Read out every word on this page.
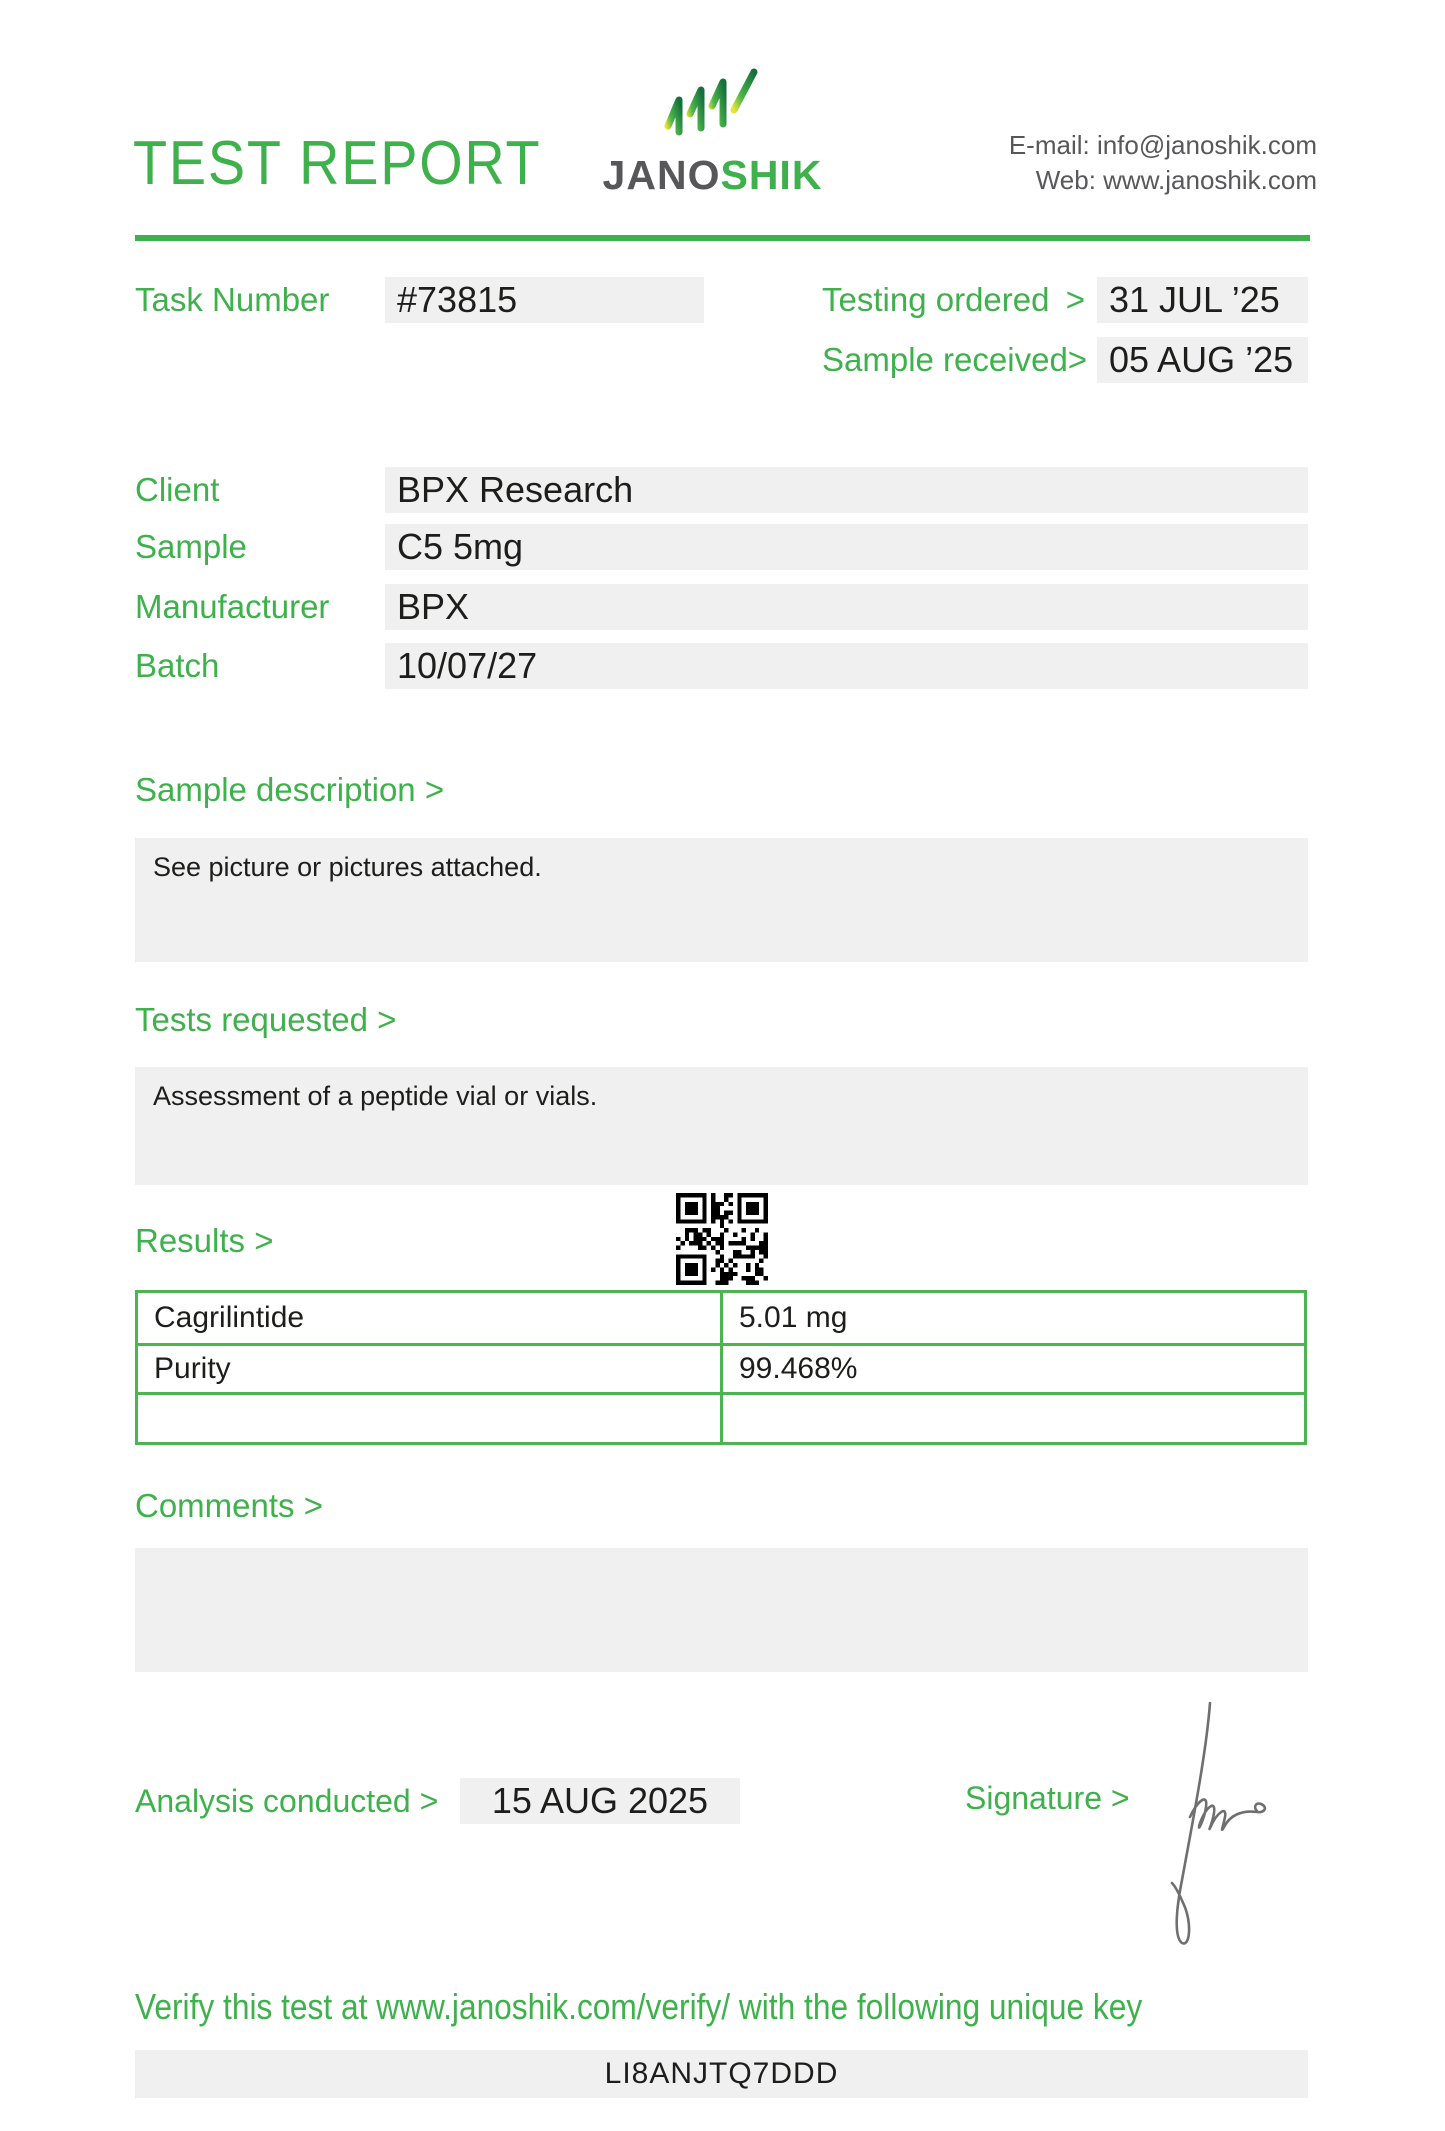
TEST REPORT JANOSHIK
E-mail: info@janoshik.com
Web: www.janoshik.com
Task Number	#73815	Testing ordered > 31 JUL ’25
Sample received > 05 AUG ’25
Client	BPX Research
Sample	C5 5mg
Manufacturer	BPX
Batch	10/07/27
Sample description >
See picture or pictures attached.
Tests requested >
Assessment of a peptide vial or vials.
Results >
Cagrilintide	5.01 mg
Purity	99.468%
Comments >
Analysis conducted >	15 AUG 2025	Signature >
Verify this test at www.janoshik.com/verify/ with the following unique key
LI8ANJTQ7DDD
